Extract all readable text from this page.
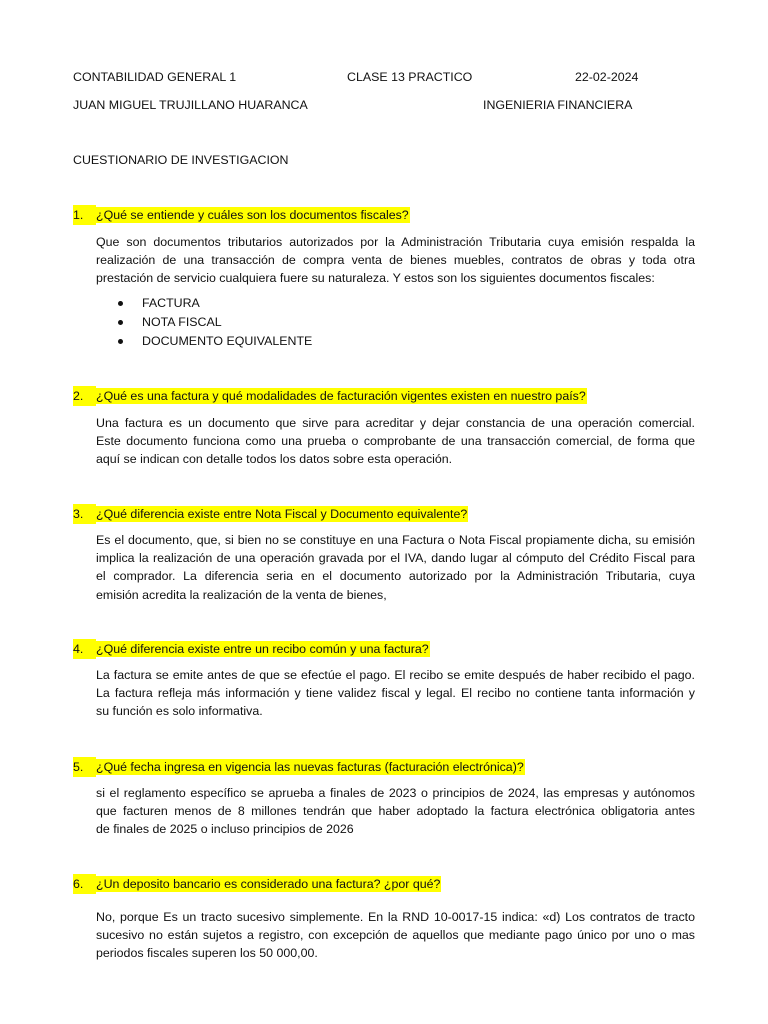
CONTABILIDAD GENERAL 1	CLASE 13 PRACTICO	22-02-2024
JUAN MIGUEL TRUJILLANO HUARANCA	INGENIERIA FINANCIERA
CUESTIONARIO DE INVESTIGACION
1. ¿Qué se entiende y cuáles son los documentos fiscales?
Que son documentos tributarios autorizados por la Administración Tributaria cuya emisión respalda la
realización de una transacción de compra venta de bienes muebles, contratos de obras y toda otra
prestación de servicio cualquiera fuere su naturaleza. Y estos son los siguientes documentos fiscales:
FACTURA
NOTA FISCAL
DOCUMENTO EQUIVALENTE
2. ¿Qué es una factura y qué modalidades de facturación vigentes existen en nuestro país?
Una factura es un documento que sirve para acreditar y dejar constancia de una operación comercial.
Este documento funciona como una prueba o comprobante de una transacción comercial, de forma que
aquí se indican con detalle todos los datos sobre esta operación.
3. ¿Qué diferencia existe entre Nota Fiscal y Documento equivalente?
Es el documento, que, si bien no se constituye en una Factura o Nota Fiscal propiamente dicha, su emisión
implica la realización de una operación gravada por el IVA, dando lugar al cómputo del Crédito Fiscal para
el comprador. La diferencia seria en el documento autorizado por la Administración Tributaria, cuya
emisión acredita la realización de la venta de bienes,
4. ¿Qué diferencia existe entre un recibo común y una factura?
La factura se emite antes de que se efectúe el pago. El recibo se emite después de haber recibido el pago.
La factura refleja más información y tiene validez fiscal y legal. El recibo no contiene tanta información y
su función es solo informativa.
5. ¿Qué fecha ingresa en vigencia las nuevas facturas (facturación electrónica)?
si el reglamento específico se aprueba a finales de 2023 o principios de 2024, las empresas y autónomos
que facturen menos de 8 millones tendrán que haber adoptado la factura electrónica obligatoria antes
de finales de 2025 o incluso principios de 2026
6. ¿Un deposito bancario es considerado una factura? ¿por qué?
No, porque Es un tracto sucesivo simplemente. En la RND 10-0017-15 indica: «d) Los contratos de tracto
sucesivo no están sujetos a registro, con excepción de aquellos que mediante pago único por uno o mas
periodos fiscales superen los 50 000,00.
